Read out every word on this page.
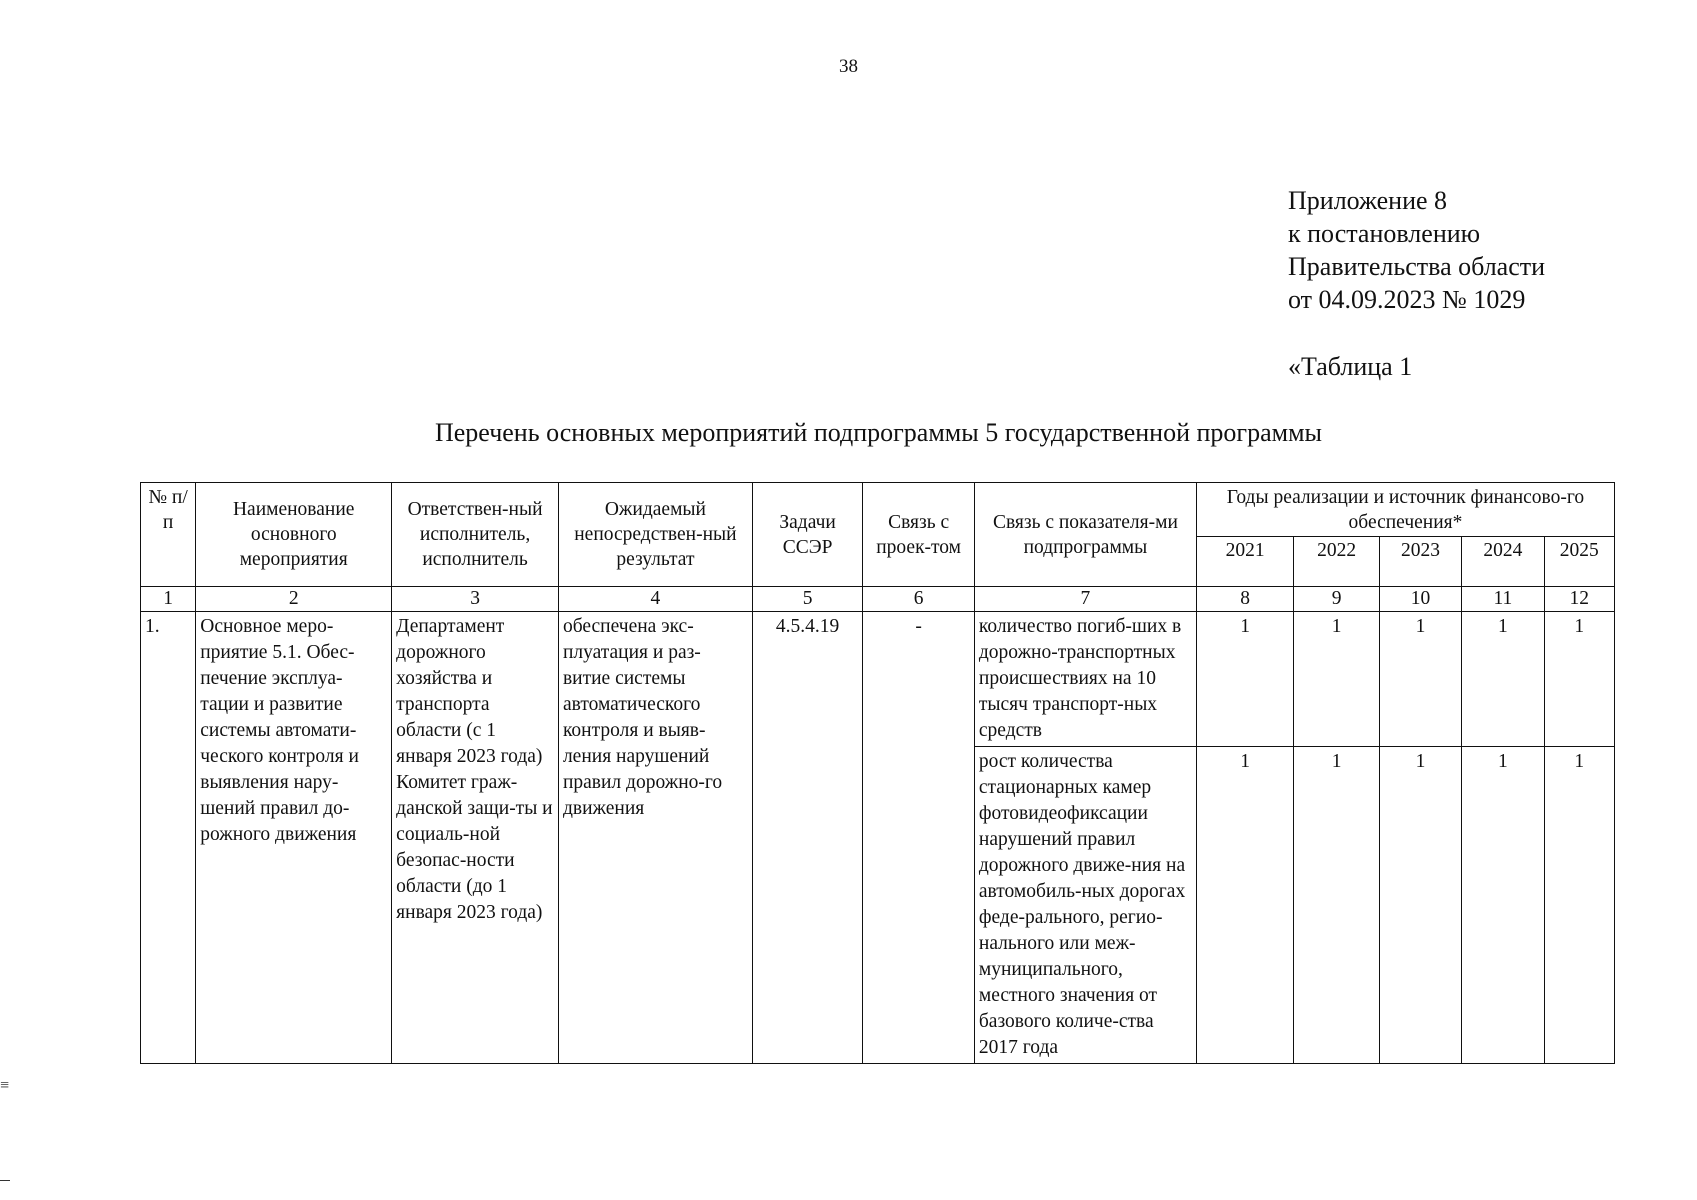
38
Приложение 8
к постановлению
Правительства области
от 04.09.2023 № 1029
«Таблица 1
Перечень основных мероприятий подпрограммы 5 государственной программы
≡
№ п/п	Наименование основного мероприятия	Ответствен-ный исполнитель, исполнитель	Ожидаемый непосредствен-ный результат	Задачи ССЭР	Связь с проек-том	Связь с показателя-ми подпрограммы	Годы реализации и источник финансово-го обеспечения*				
							2021	2022	2023	2024	2025
1	2	3	4	5	6	7	8	9	10	11	12
1.	Основное меро-приятие 5.1. Обес-печение эксплуа-тации и развитие системы автомати-ческого контроля и выявления нару-шений правил до-рожного движения	Департамент дорожного хозяйства и транспорта области (с 1 января 2023 года) Комитет граж-данской защи-ты и социаль-ной безопас-ности области (до 1 января 2023 года)	обеспечена экс-плуатация и раз-витие системы автоматического контроля и выяв-ления нарушений правил дорожно-го движения	4.5.4.19	-	количество погиб-ших в дорожно-транспортных происшествиях на 10 тысяч транспорт-ных средств	1	1	1	1	1
						рост количества стационарных камер фотовидеофиксации нарушений правил дорожного движе-ния на автомобиль-ных дорогах феде-рального, регио-нального или меж-муниципального, местного значения от базового количе-ства 2017 года	1	1	1	1	1
